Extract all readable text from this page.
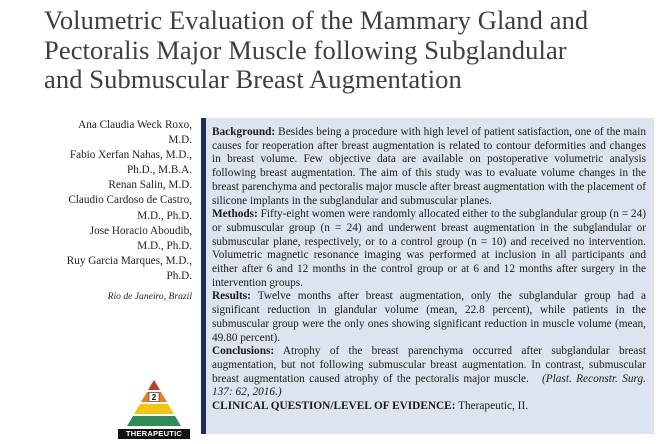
Volumetric Evaluation of the Mammary Gland and
Pectoralis Major Muscle following Subglandular
and Submuscular Breast Augmentation

Ana Claudia Weck Roxo,

M.D.

Fabio Xerfan Nahas, M.D.,

Ph.D., M.B.A.

Renan Salin, M.D.

Claudio Cardoso de Castro,

M.D., Ph.D.

Jose Horacio Aboudib,

M.D., Ph.D.

Ruy Garcia Marques, M.D.,

Ph.D.

Rio de Janeiro, Brazil

Background: Besides being a procedure with high level of patient satisfaction, one of the main causes for reoperation after breast augmentation is related to contour deformities and changes in breast volume. Few objective data are available on postoperative volumetric analysis following breast augmentation. The aim of this study was to evaluate volume changes in the breast parenchyma and pectoralis major muscle after breast augmentation with the placement of silicone implants in the subglandular and submuscular planes.

Methods: Fifty-eight women were randomly allocated either to the subglandular group (n = 24) or submuscular group (n = 24) and underwent breast augmentation in the subglandular or submuscular plane, respectively, or to a control group (n = 10) and received no intervention. Volumetric magnetic resonance imaging was performed at inclusion in all participants and either after 6 and 12 months in the control group or at 6 and 12 months after surgery in the intervention groups.

Results: Twelve months after breast augmentation, only the subglandular group had a significant reduction in glandular volume (mean, 22.8 percent), while patients in the submuscular group were the only ones showing significant reduction in muscle volume (mean, 49.80 percent).

Conclusions: Atrophy of the breast parenchyma occurred after subglandular breast augmentation, but not following submuscular breast augmentation. In contrast, submuscular breast augmentation caused atrophy of the pectoralis major muscle. (Plast. Reconstr. Surg. 137: 62, 2016.)

CLINICAL QUESTION/LEVEL OF EVIDENCE: Therapeutic, II.

2
THERAPEUTIC
